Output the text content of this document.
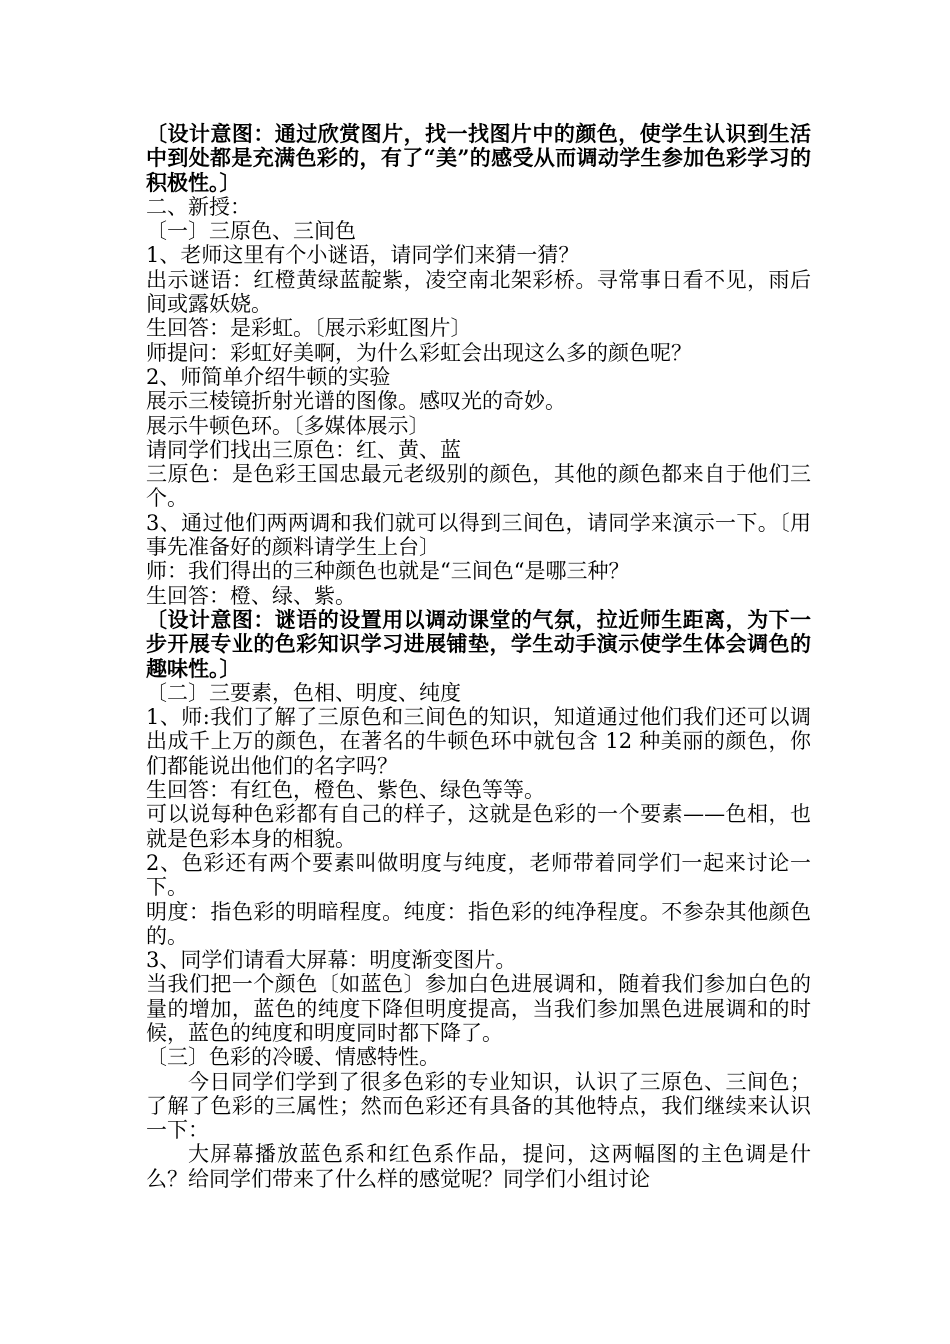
〔设计意图：通过欣赏图片，找一找图片中的颜色，使学生认识到生活中到处都是充满色彩的，有了“美”的感受从而调动学生参加色彩学习的积极性。〕

二、新授：

〔一〕三原色、三间色

1、老师这里有个小谜语，请同学们来猜一猜？

出示谜语：红橙黄绿蓝靛紫，凌空南北架彩桥。寻常事日看不见，雨后间或露妖娆。

生回答：是彩虹。〔展示彩虹图片〕

师提问：彩虹好美啊，为什么彩虹会出现这么多的颜色呢？

2、师简单介绍牛顿的实验

展示三棱镜折射光谱的图像。感叹光的奇妙。

展示牛顿色环。〔多媒体展示〕

请同学们找出三原色：红、黄、蓝

三原色：是色彩王国忠最元老级别的颜色，其他的颜色都来自于他们三个。

3、通过他们两两调和我们就可以得到三间色，请同学来演示一下。〔用事先准备好的颜料请学生上台〕

师：我们得出的三种颜色也就是“三间色“是哪三种？

生回答：橙、绿、紫。

〔设计意图：谜语的设置用以调动课堂的气氛，拉近师生距离，为下一步开展专业的色彩知识学习进展铺垫，学生动手演示使学生体会调色的趣味性。〕

〔二〕三要素，色相、明度、纯度

1、师:我们了解了三原色和三间色的知识，知道通过他们我们还可以调出成千上万的颜色，在著名的牛顿色环中就包含 12 种美丽的颜色，你们都能说出他们的名字吗？

生回答：有红色，橙色、紫色、绿色等等。

可以说每种色彩都有自己的样子，这就是色彩的一个要素——色相，也就是色彩本身的相貌。

2、色彩还有两个要素叫做明度与纯度，老师带着同学们一起来讨论一下。

明度：指色彩的明暗程度。纯度：指色彩的纯净程度。不参杂其他颜色的。

3、同学们请看大屏幕：明度渐变图片。

当我们把一个颜色〔如蓝色〕参加白色进展调和，随着我们参加白色的量的增加，蓝色的纯度下降但明度提高，当我们参加黑色进展调和的时候，蓝色的纯度和明度同时都下降了。

〔三〕色彩的冷暖、情感特性。

今日同学们学到了很多色彩的专业知识，认识了三原色、三间色；了解了色彩的三属性；然而色彩还有具备的其他特点，我们继续来认识一下：

大屏幕播放蓝色系和红色系作品，提问，这两幅图的主色调是什么？给同学们带来了什么样的感觉呢？同学们小组讨论
